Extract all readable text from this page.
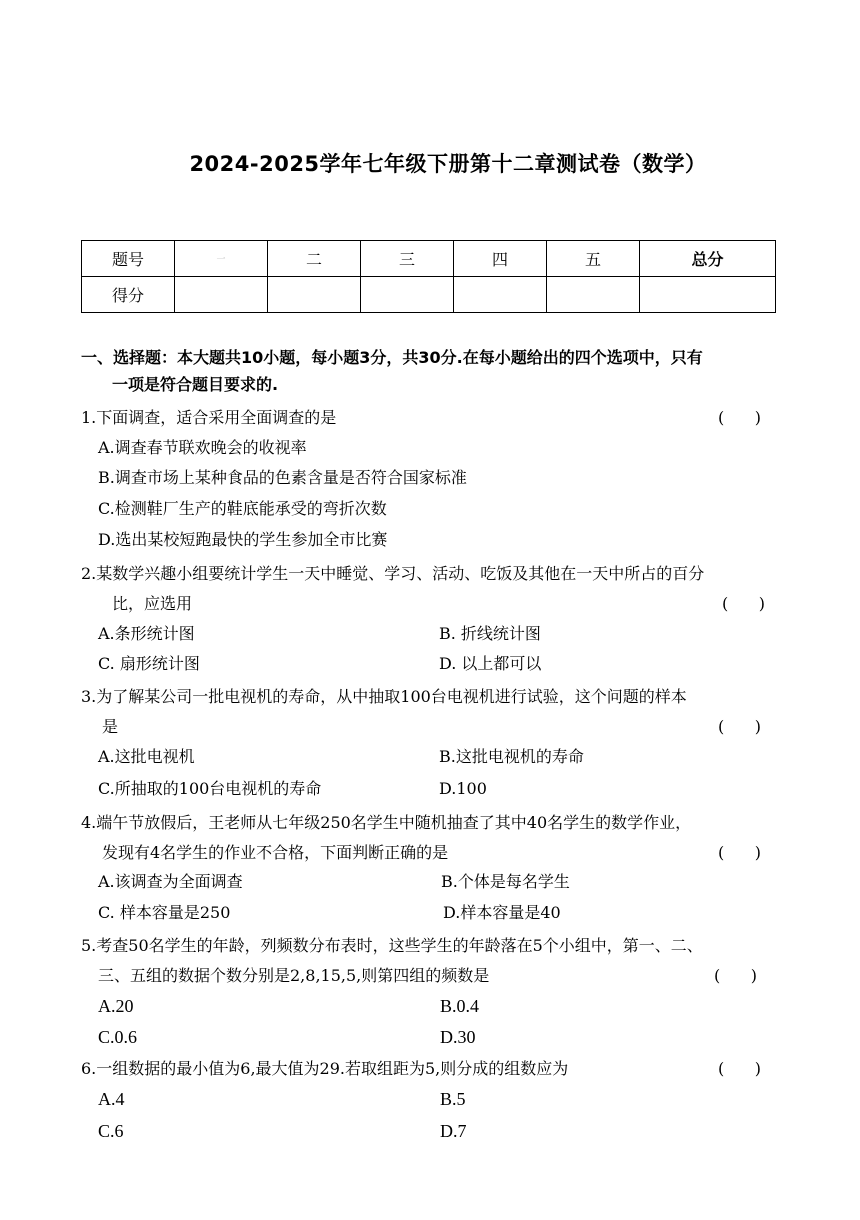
2024-2025学年七年级下册第十二章测试卷（数学）
题号	一	二	三	四	五	总分
得分						
一、选择题：本大题共10小题，每小题3分，共30分.在每小题给出的四个选项中，只有
一项是符合题目要求的.
1.下面调查，适合采用全面调查的是	(      )
A.调查春节联欢晚会的收视率
B.调查市场上某种食品的色素含量是否符合国家标准
C.检测鞋厂生产的鞋底能承受的弯折次数
D.选出某校短跑最快的学生参加全市比赛
2.某数学兴趣小组要统计学生一天中睡觉、学习、活动、吃饭及其他在一天中所占的百分
比，应选用	(      )
A.条形统计图	B. 折线统计图
C. 扇形统计图	D. 以上都可以
3.为了解某公司一批电视机的寿命，从中抽取100台电视机进行试验，这个问题的样本
是	(      )
A.这批电视机	B.这批电视机的寿命
C.所抽取的100台电视机的寿命	D.100
4.端午节放假后，王老师从七年级250名学生中随机抽查了其中40名学生的数学作业，
发现有4名学生的作业不合格，下面判断正确的是	(      )
A.该调查为全面调查	B.个体是每名学生
C. 样本容量是250	D.样本容量是40
5.考查50名学生的年龄，列频数分布表时，这些学生的年龄落在5个小组中，第一、二、
三、五组的数据个数分别是2,8,15,5,则第四组的频数是	(      )
A.20	B.0.4
C.0.6	D.30
6.一组数据的最小值为6,最大值为29.若取组距为5,则分成的组数应为	(      )
A.4	B.5
C.6	D.7
